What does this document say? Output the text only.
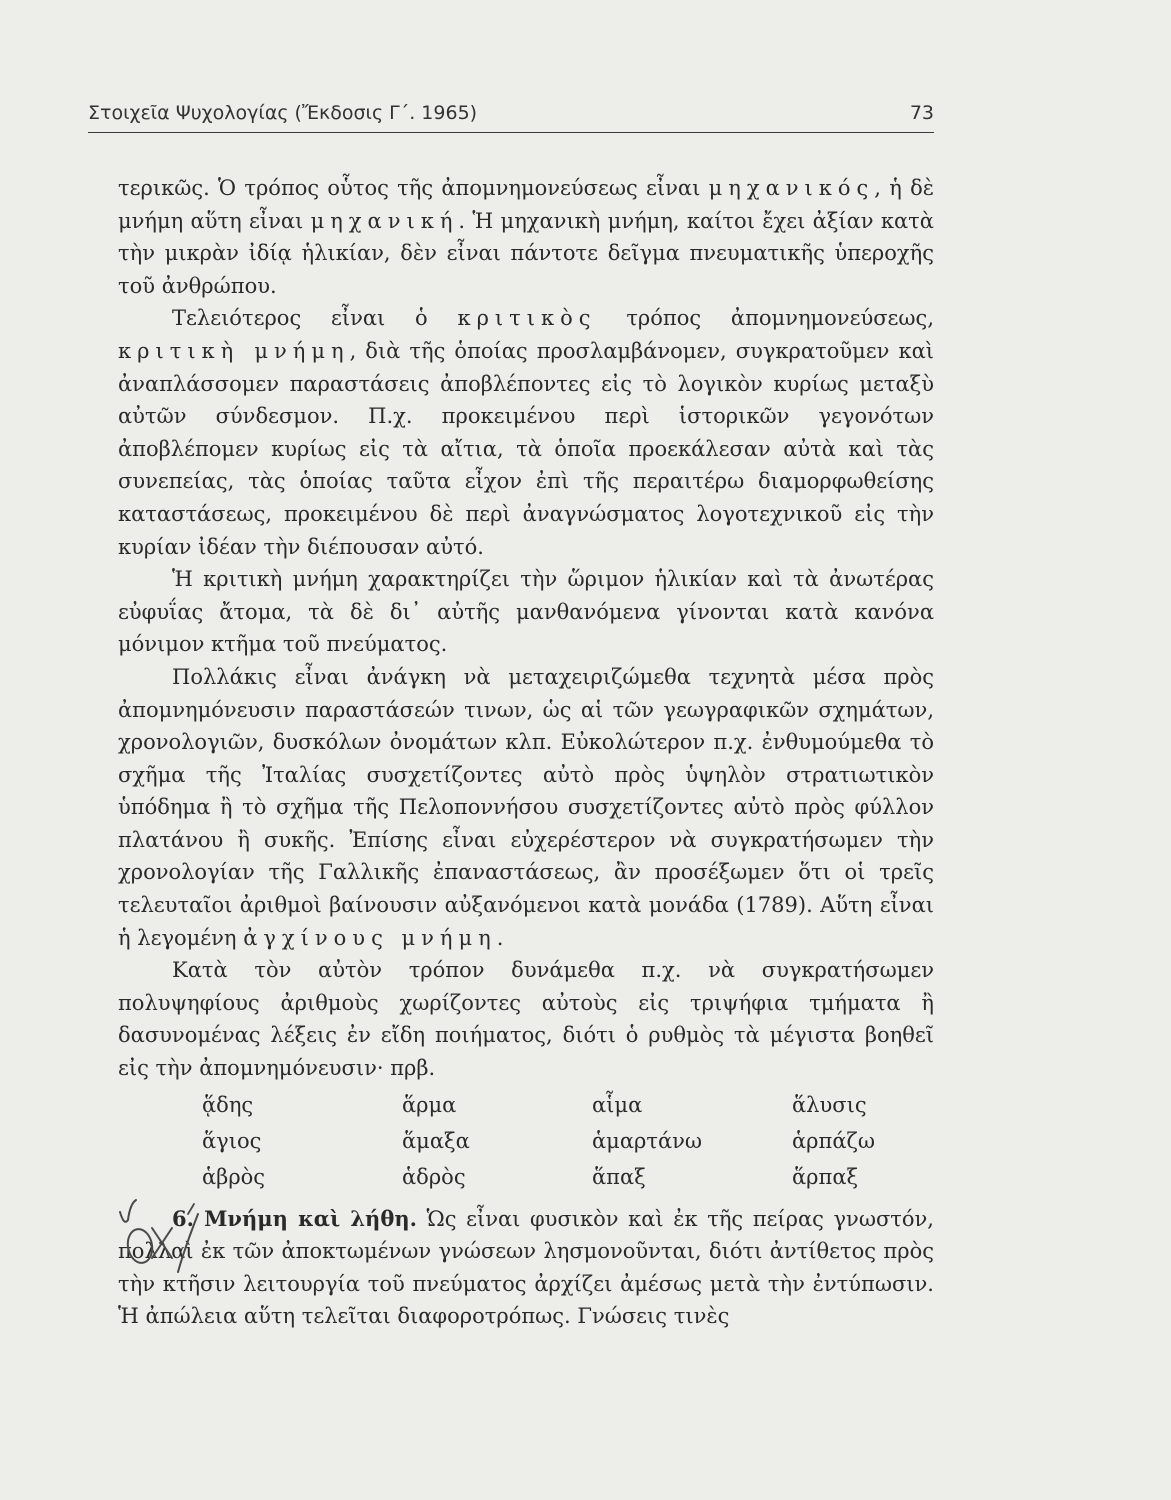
Στοιχεῖα Ψυχολογίας (Ἔκδοσις Γ΄. 1965)	73

τερικῶς. Ὁ τρόπος οὗτος τῆς ἀπομνημονεύσεως εἶναι μηχανικός, ἡ δὲ μνήμη αὕτη εἶναι μηχανική. Ἡ μηχανικὴ μνήμη, καίτοι ἔχει ἀξίαν κατὰ τὴν μικρὰν ἰδίᾳ ἡλικίαν, δὲν εἶναι πάντοτε δεῖγμα πνευματικῆς ὑπεροχῆς τοῦ ἀνθρώπου.

Τελειότερος εἶναι ὁ κριτικὸς τρόπος ἀπομνημονεύσεως, κριτικὴ μνήμη, διὰ τῆς ὁποίας προσλαμβάνομεν, συγκρατοῦμεν καὶ ἀναπλάσσομεν παραστάσεις ἀποβλέποντες εἰς τὸ λογικὸν κυρίως μεταξὺ αὐτῶν σύνδεσμον. Π.χ. προκειμένου περὶ ἱστορικῶν γεγονότων ἀποβλέπομεν κυρίως εἰς τὰ αἴτια, τὰ ὁποῖα προεκάλεσαν αὐτὰ καὶ τὰς συνεπείας, τὰς ὁποίας ταῦτα εἶχον ἐπὶ τῆς περαιτέρω διαμορφωθείσης καταστάσεως, προκειμένου δὲ περὶ ἀναγνώσματος λογοτεχνικοῦ εἰς τὴν κυρίαν ἰδέαν τὴν διέπουσαν αὐτό.

Ἡ κριτικὴ μνήμη χαρακτηρίζει τὴν ὥριμον ἡλικίαν καὶ τὰ ἀνωτέρας εὐφυΐας ἄτομα, τὰ δὲ δι᾽ αὐτῆς μανθανόμενα γίνονται κατὰ κανόνα μόνιμον κτῆμα τοῦ πνεύματος.

Πολλάκις εἶναι ἀνάγκη νὰ μεταχειριζώμεθα τεχνητὰ μέσα πρὸς ἀπομνημόνευσιν παραστάσεών τινων, ὡς αἱ τῶν γεωγραφικῶν σχημάτων, χρονολογιῶν, δυσκόλων ὀνομάτων κλπ. Εὐκολώτερον π.χ. ἐνθυμούμεθα τὸ σχῆμα τῆς Ἰταλίας συσχετίζοντες αὐτὸ πρὸς ὑψηλὸν στρατιωτικὸν ὑπόδημα ἢ τὸ σχῆμα τῆς Πελοποννήσου συσχετίζοντες αὐτὸ πρὸς φύλλον πλατάνου ἢ συκῆς. Ἐπίσης εἶναι εὐχερέστερον νὰ συγκρατήσωμεν τὴν χρονολογίαν τῆς Γαλλικῆς ἐπαναστάσεως, ἂν προσέξωμεν ὅτι οἱ τρεῖς τελευταῖοι ἀριθμοὶ βαίνουσιν αὐξανόμενοι κατὰ μονάδα (1789). Αὕτη εἶναι ἡ λεγομένη ἀγχίνους μνήμη.

Κατὰ τὸν αὐτὸν τρόπον δυνάμεθα π.χ. νὰ συγκρατήσωμεν πολυψηφίους ἀριθμοὺς χωρίζοντες αὐτοὺς εἰς τριψήφια τμήματα ἢ δασυνομένας λέξεις ἐν εἴδη ποιήματος, διότι ὁ ρυθμὸς τὰ μέγιστα βοηθεῖ εἰς τὴν ἀπομνημόνευσιν· πρβ.

ᾅδης	ἅρμα	αἷμα	ἅλυσις
ἅγιος	ἅμαξα	ἁμαρτάνω	ἁρπάζω
ἁβρὸς	ἁδρὸς	ἅπαξ	ἅρπαξ

6. Μνήμη καὶ λήθη. Ὡς εἶναι φυσικὸν καὶ ἐκ τῆς πείρας γνωστόν, πολλαὶ ἐκ τῶν ἀποκτωμένων γνώσεων λησμονοῦνται, διότι ἀντίθετος πρὸς τὴν κτῆσιν λειτουργία τοῦ πνεύματος ἀρχίζει ἀμέσως μετὰ τὴν ἐντύπωσιν. Ἡ ἀπώλεια αὕτη τελεῖται διαφοροτρόπως. Γνώσεις τινὲς
